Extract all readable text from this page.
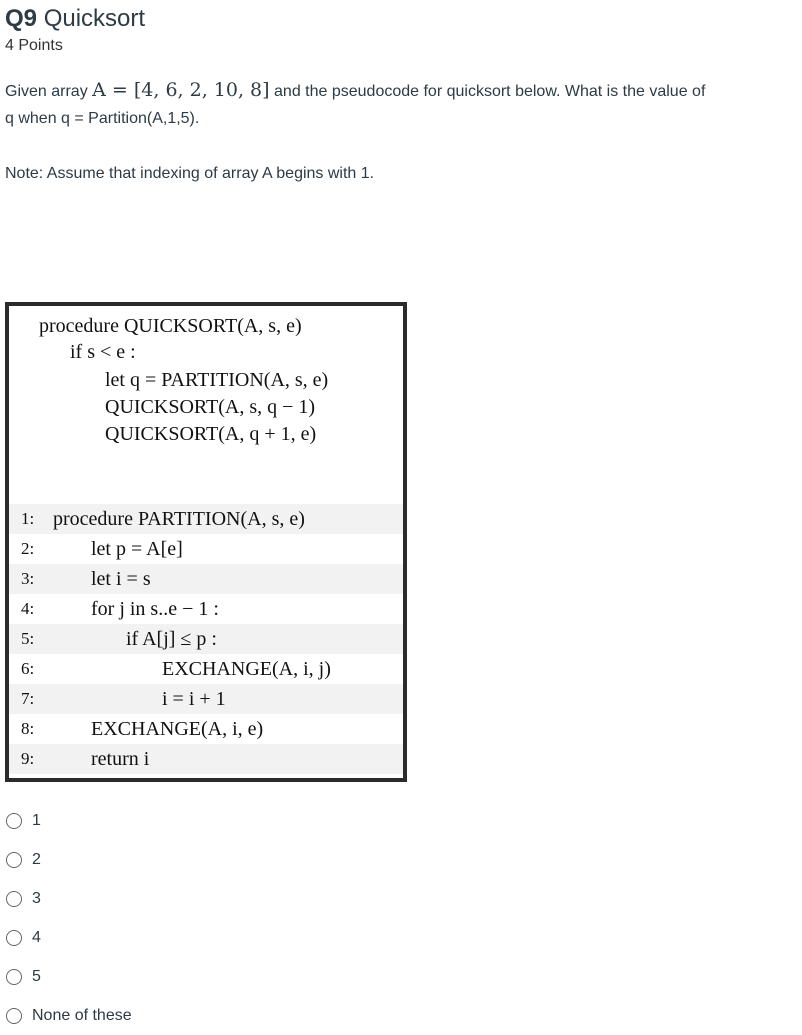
Q9 Quicksort
4 Points
Given array A = [4, 6, 2, 10, 8] and the pseudocode for quicksort below. What is the value of
q when q = Partition(A,1,5).
Note: Assume that indexing of array A begins with 1.
procedure QUICKSORT(A, s, e)
if s < e :
let q = PARTITION(A, s, e)
QUICKSORT(A, s, q − 1)
QUICKSORT(A, q + 1, e)
1: procedure PARTITION(A, s, e)
2:	let p = A[e]
3:	let i = s
4:	for j in s..e − 1 :
5:	if A[j] ≤ p :
6:	EXCHANGE(A, i, j)
7:	i = i + 1
8:	EXCHANGE(A, i, e)
9:	return i
1
2
3
4
5
None of these
